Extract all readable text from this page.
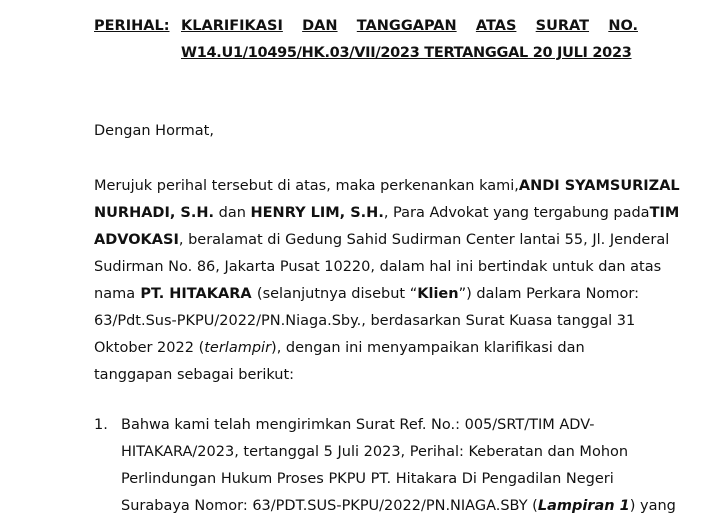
PERIHAL: KLARIFIKASI DAN TANGGAPAN ATAS SURAT NO.
W14.U1/10495/HK.03/VII/2023 TERTANGGAL 20 JULI 2023
Dengan Hormat,
Merujuk perihal tersebut di atas, maka perkenankan kami, ANDI SYAMSURIZAL
NURHADI, S.H. dan HENRY LIM, S.H., Para Advokat yang tergabung pada TIM
ADVOKASI, beralamat di Gedung Sahid Sudirman Center lantai 55, Jl. Jenderal
Sudirman No. 86, Jakarta Pusat 10220, dalam hal ini bertindak untuk dan atas
nama PT. HITAKARA (selanjutnya disebut “Klien”) dalam Perkara Nomor:
63/Pdt.Sus-PKPU/2022/PN.Niaga.Sby., berdasarkan Surat Kuasa tanggal 31
Oktober 2022 (terlampir), dengan ini menyampaikan klarifikasi dan
tanggapan sebagai berikut:
1. Bahwa kami telah mengirimkan Surat Ref. No.: 005/SRT/TIM ADV-
HITAKARA/2023, tertanggal 5 Juli 2023, Perihal: Keberatan dan Mohon
Perlindungan Hukum Proses PKPU PT. Hitakara Di Pengadilan Negeri
Surabaya Nomor: 63/PDT.SUS-PKPU/2022/PN.NIAGA.SBY (Lampiran 1) yang
